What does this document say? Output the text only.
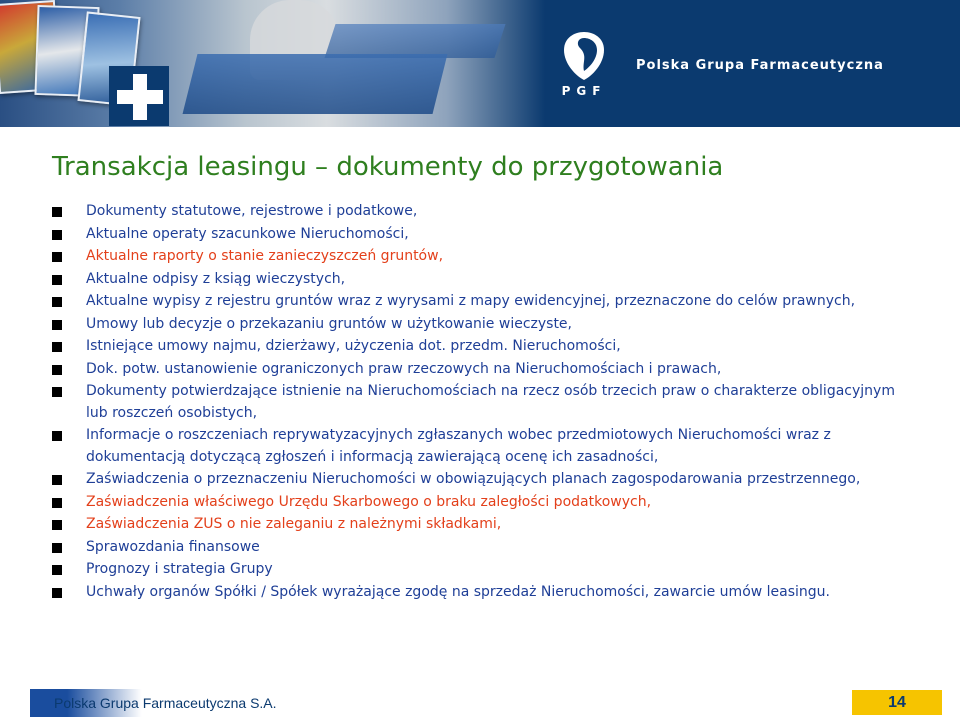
PGF
Polska Grupa Farmaceutyczna
Transakcja leasingu – dokumenty do przygotowania
Dokumenty statutowe, rejestrowe i podatkowe,
Aktualne operaty szacunkowe Nieruchomości,
Aktualne raporty o stanie zanieczyszczeń gruntów,
Aktualne odpisy z ksiąg wieczystych,
Aktualne wypisy z rejestru gruntów wraz z wyrysami z mapy ewidencyjnej, przeznaczone do celów prawnych,
Umowy lub decyzje o przekazaniu gruntów w użytkowanie wieczyste,
Istniejące umowy najmu, dzierżawy, użyczenia dot. przedm. Nieruchomości,
Dok. potw. ustanowienie ograniczonych praw rzeczowych na Nieruchomościach i prawach,
Dokumenty potwierdzające istnienie na Nieruchomościach na rzecz osób trzecich praw o charakterze obligacyjnym lub roszczeń osobistych,
Informacje o roszczeniach reprywatyzacyjnych zgłaszanych wobec przedmiotowych Nieruchomości wraz z dokumentacją dotyczącą zgłoszeń i informacją zawierającą ocenę ich zasadności,
Zaświadczenia o przeznaczeniu Nieruchomości w obowiązujących planach zagospodarowania przestrzennego,
Zaświadczenia właściwego Urzędu Skarbowego o braku zaległości podatkowych,
Zaświadczenia ZUS o nie zaleganiu z należnymi składkami,
Sprawozdania finansowe
Prognozy i strategia Grupy
Uchwały organów Spółki / Spółek wyrażające zgodę na sprzedaż Nieruchomości, zawarcie umów leasingu.
Polska Grupa Farmaceutyczna S.A.	14
